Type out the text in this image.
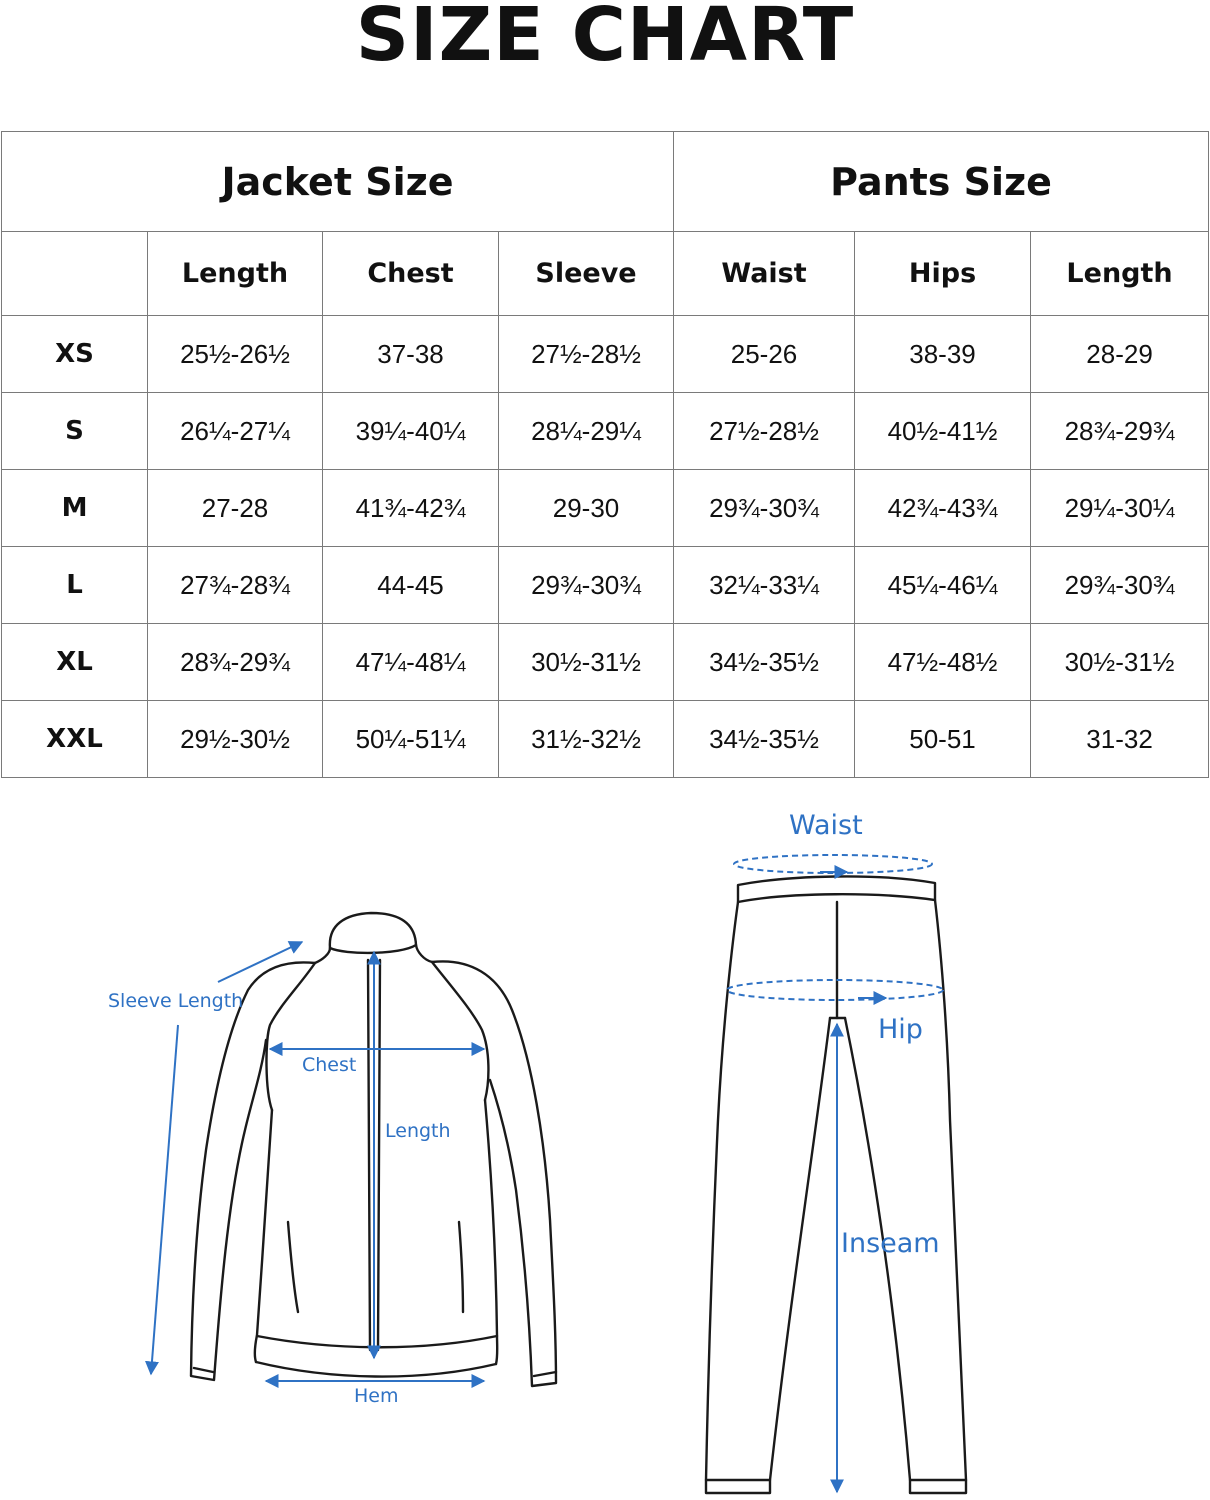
SIZE CHART
Jacket Size				Pants Size		
	Length	Chest	Sleeve	Waist	Hips	Length
XS	25½-26½	37-38	27½-28½	25-26	38-39	28-29
S	26¼-27¼	39¼-40¼	28¼-29¼	27½-28½	40½-41½	28¾-29¾
M	27-28	41¾-42¾	29-30	29¾-30¾	42¾-43¾	29¼-30¼
L	27¾-28¾	44-45	29¾-30¾	32¼-33¼	45¼-46¼	29¾-30¾
XL	28¾-29¾	47¼-48¼	30½-31½	34½-35½	47½-48½	30½-31½
XXL	29½-30½	50¼-51¼	31½-32½	34½-35½	50-51	31-32
Sleeve Length
Chest
Length
Hem
Waist
Hip
Inseam
